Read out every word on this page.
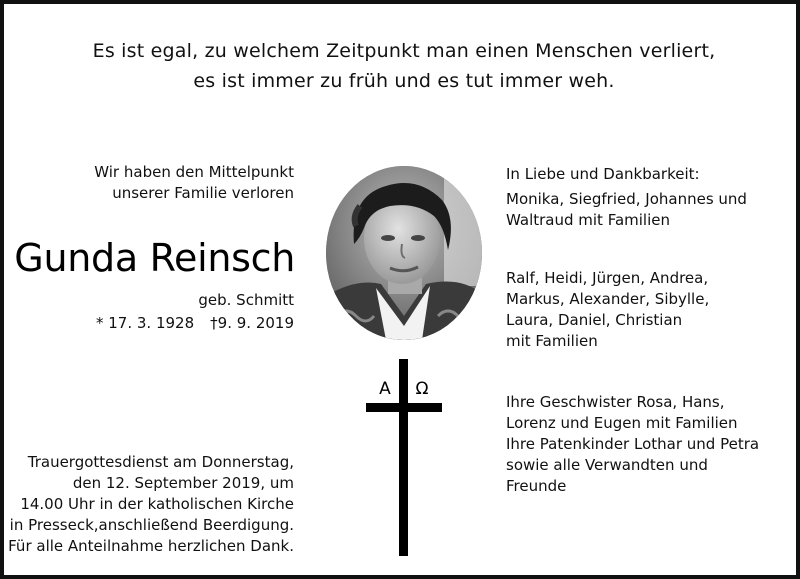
Es ist egal, zu welchem Zeitpunkt man einen Menschen verliert,
es ist immer zu früh und es tut immer weh.
Wir haben den Mittelpunkt
unserer Familie verloren
Gunda Reinsch
geb. Schmitt
* 17. 3. 1928 †9. 9. 2019
Α Ω
Trauergottesdienst am Donnerstag,
den 12. September 2019, um
14.00 Uhr in der katholischen Kirche
in Presseck,anschließend Beerdigung.
Für alle Anteilnahme herzlichen Dank.
In Liebe und Dankbarkeit:
Monika, Siegfried, Johannes und
Waltraud mit Familien
Ralf, Heidi, Jürgen, Andrea,
Markus, Alexander, Sibylle,
Laura, Daniel, Christian
mit Familien
Ihre Geschwister Rosa, Hans,
Lorenz und Eugen mit Familien
Ihre Patenkinder Lothar und Petra
sowie alle Verwandten und
Freunde
